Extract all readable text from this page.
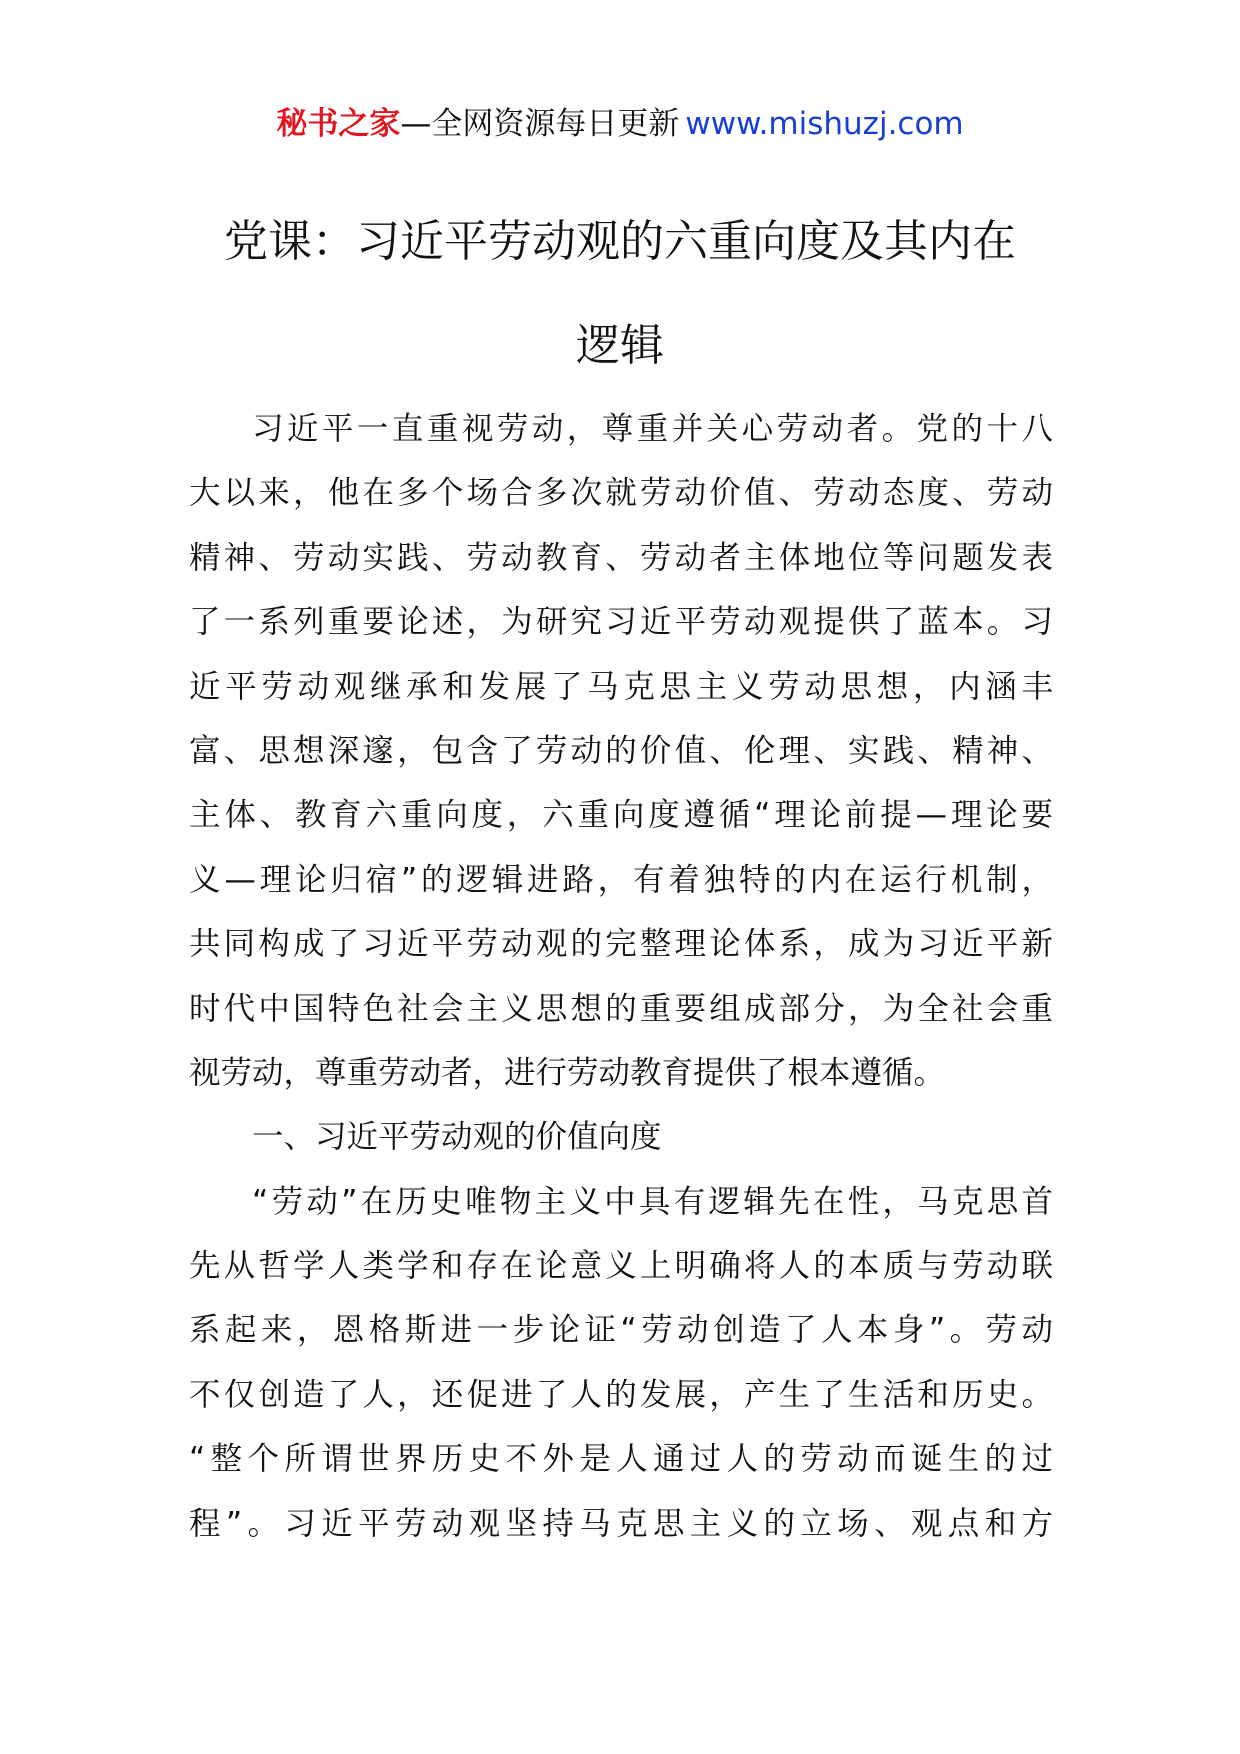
秘书之家—全网资源每日更新 www.mishuzj.com
党课：习近平劳动观的六重向度及其内在
逻辑
习近平一直重视劳动，尊重并关心劳动者。党的十八
大以来，他在多个场合多次就劳动价值、劳动态度、劳动
精神、劳动实践、劳动教育、劳动者主体地位等问题发表
了一系列重要论述，为研究习近平劳动观提供了蓝本。习
近平劳动观继承和发展了马克思主义劳动思想，内涵丰
富、思想深邃，包含了劳动的价值、伦理、实践、精神、
主体、教育六重向度，六重向度遵循“理论前提—理论要
义—理论归宿”的逻辑进路，有着独特的内在运行机制，
共同构成了习近平劳动观的完整理论体系，成为习近平新
时代中国特色社会主义思想的重要组成部分，为全社会重
视劳动，尊重劳动者，进行劳动教育提供了根本遵循。
一、习近平劳动观的价值向度
“劳动”在历史唯物主义中具有逻辑先在性，马克思首
先从哲学人类学和存在论意义上明确将人的本质与劳动联
系起来，恩格斯进一步论证“劳动创造了人本身”。劳动
不仅创造了人，还促进了人的发展，产生了生活和历史。
“整个所谓世界历史不外是人通过人的劳动而诞生的过
程”。习近平劳动观坚持马克思主义的立场、观点和方
